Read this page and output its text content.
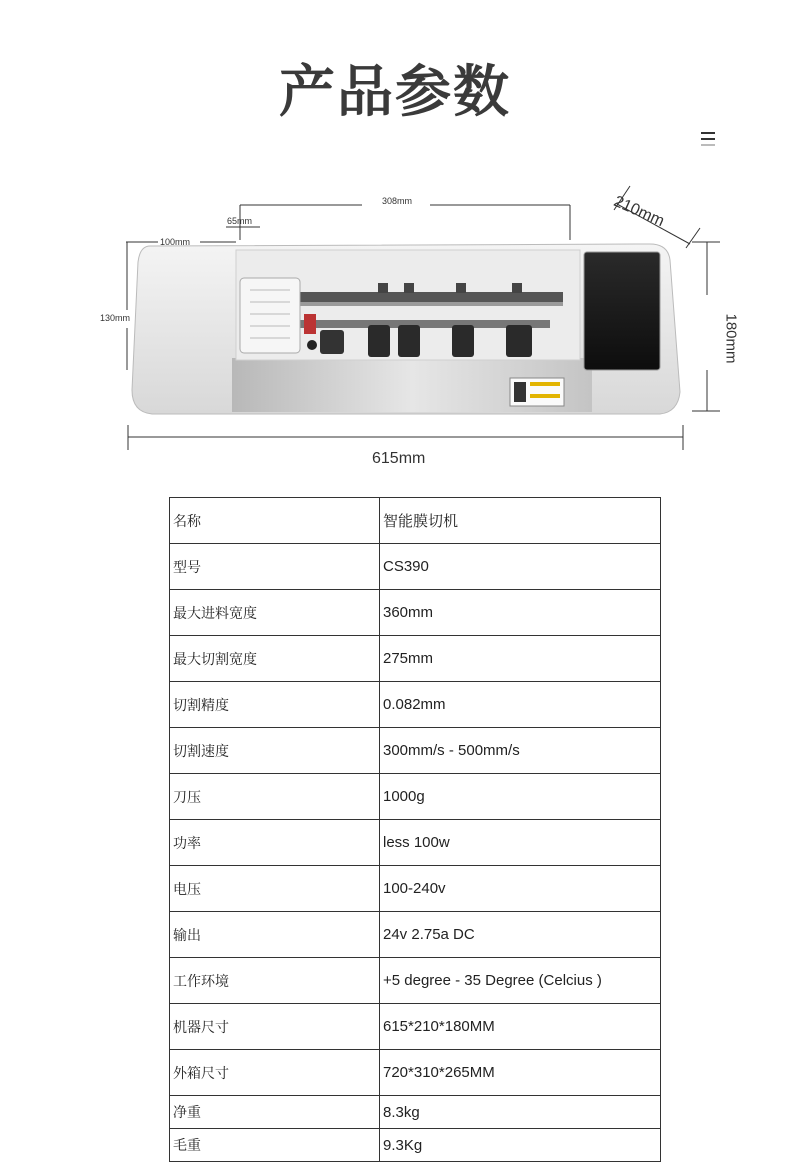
产品参数
308mm
65mm
100mm
130mm
210mm
180mm
615mm
名称	智能膜切机
型号	CS390
最大进料宽度	360mm
最大切割宽度	275mm
切割精度	0.082mm
切割速度	300mm/s - 500mm/s
刀压	1000g
功率	less 100w
电压	100-240v
输出	24v 2.75a DC
工作环境	+5 degree - 35 Degree (Celcius )
机器尺寸	615*210*180MM
外箱尺寸	720*310*265MM
净重	8.3kg
毛重	9.3Kg
